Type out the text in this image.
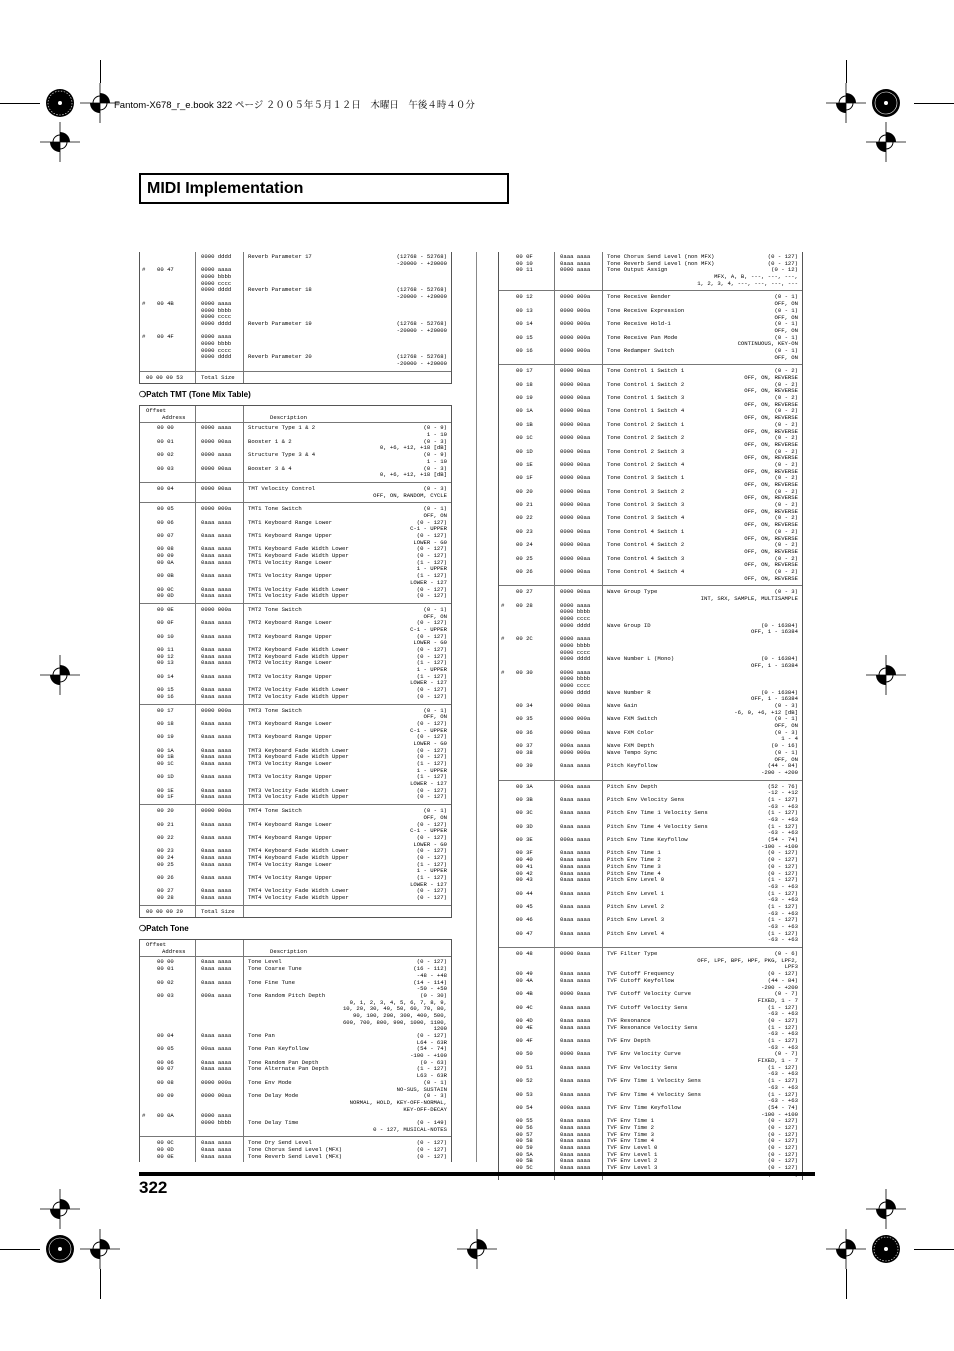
Fantom-X678_r_e.book 322 ページ ２００５年５月１２日　木曜日　午後４時４０分
MIDI Implementation
0000 dddd	Reverb Parameter 17	(12768 - 52768)
-20000 - +20000
# 00 47	0000 aaaa
0000 bbbb
0000 cccc
0000 dddd	Reverb Parameter 18	(12768 - 52768)
-20000 - +20000
# 00 4B	0000 aaaa
0000 bbbb
0000 cccc
0000 dddd	Reverb Parameter 19	(12768 - 52768)
-20000 - +20000
# 00 4F	0000 aaaa
0000 bbbb
0000 cccc
0000 dddd	Reverb Parameter 20	(12768 - 52768)
-20000 - +20000
00 00 00 53	Total Size
❍Patch TMT (Tone Mix Table)
Offset
Address	Description
00 00	0000 aaaa	Structure Type 1 & 2	(0 - 9)
1 - 10
00 01	0000 00aa	Booster 1 & 2	(0 - 3)
0, +6, +12, +18 [dB]
00 02	0000 aaaa	Structure Type 3 & 4	(0 - 9)
1 - 10
00 03	0000 00aa	Booster 3 & 4	(0 - 3)
0, +6, +12, +18 [dB]
00 04	0000 00aa	TMT Velocity Control	(0 - 3)
OFF, ON, RANDOM, CYCLE
00 05	0000 000a	TMT1 Tone Switch	(0 - 1)
OFF, ON
00 06	0aaa aaaa	TMT1 Keyboard Range Lower	(0 - 127)
C-1 - UPPER
00 07	0aaa aaaa	TMT1 Keyboard Range Upper	(0 - 127)
LOWER - G9
00 08	0aaa aaaa	TMT1 Keyboard Fade Width Lower	(0 - 127)
00 09	0aaa aaaa	TMT1 Keyboard Fade Width Upper	(0 - 127)
00 0A	0aaa aaaa	TMT1 Velocity Range Lower	(1 - 127)
1 - UPPER
00 0B	0aaa aaaa	TMT1 Velocity Range Upper	(1 - 127)
LOWER - 127
00 0C	0aaa aaaa	TMT1 Velocity Fade Width Lower	(0 - 127)
00 0D	0aaa aaaa	TMT1 Velocity Fade Width Upper	(0 - 127)
00 0E	0000 000a	TMT2 Tone Switch	(0 - 1)
OFF, ON
00 0F	0aaa aaaa	TMT2 Keyboard Range Lower	(0 - 127)
C-1 - UPPER
00 10	0aaa aaaa	TMT2 Keyboard Range Upper	(0 - 127)
LOWER - G9
00 11	0aaa aaaa	TMT2 Keyboard Fade Width Lower	(0 - 127)
00 12	0aaa aaaa	TMT2 Keyboard Fade Width Upper	(0 - 127)
00 13	0aaa aaaa	TMT2 Velocity Range Lower	(1 - 127)
1 - UPPER
00 14	0aaa aaaa	TMT2 Velocity Range Upper	(1 - 127)
LOWER - 127
00 15	0aaa aaaa	TMT2 Velocity Fade Width Lower	(0 - 127)
00 16	0aaa aaaa	TMT2 Velocity Fade Width Upper	(0 - 127)
00 17	0000 000a	TMT3 Tone Switch	(0 - 1)
OFF, ON
00 18	0aaa aaaa	TMT3 Keyboard Range Lower	(0 - 127)
C-1 - UPPER
00 19	0aaa aaaa	TMT3 Keyboard Range Upper	(0 - 127)
LOWER - G9
00 1A	0aaa aaaa	TMT3 Keyboard Fade Width Lower	(0 - 127)
00 1B	0aaa aaaa	TMT3 Keyboard Fade Width Upper	(0 - 127)
00 1C	0aaa aaaa	TMT3 Velocity Range Lower	(1 - 127)
1 - UPPER
00 1D	0aaa aaaa	TMT3 Velocity Range Upper	(1 - 127)
LOWER - 127
00 1E	0aaa aaaa	TMT3 Velocity Fade Width Lower	(0 - 127)
00 1F	0aaa aaaa	TMT3 Velocity Fade Width Upper	(0 - 127)
00 20	0000 000a	TMT4 Tone Switch	(0 - 1)
OFF, ON
00 21	0aaa aaaa	TMT4 Keyboard Range Lower	(0 - 127)
C-1 - UPPER
00 22	0aaa aaaa	TMT4 Keyboard Range Upper	(0 - 127)
LOWER - G9
00 23	0aaa aaaa	TMT4 Keyboard Fade Width Lower	(0 - 127)
00 24	0aaa aaaa	TMT4 Keyboard Fade Width Upper	(0 - 127)
00 25	0aaa aaaa	TMT4 Velocity Range Lower	(1 - 127)
1 - UPPER
00 26	0aaa aaaa	TMT4 Velocity Range Upper	(1 - 127)
LOWER - 127
00 27	0aaa aaaa	TMT4 Velocity Fade Width Lower	(0 - 127)
00 28	0aaa aaaa	TMT4 Velocity Fade Width Upper	(0 - 127)
00 00 00 29	Total Size
❍Patch Tone
Offset
Address	Description
00 00	0aaa aaaa	Tone Level	(0 - 127)
00 01	0aaa aaaa	Tone Coarse Tune	(16 - 112)
-48 - +48
00 02	0aaa aaaa	Tone Fine Tune	(14 - 114)
-50 - +50
00 03	000a aaaa	Tone Random Pitch Depth	(0 - 30)
0, 1, 2, 3, 4, 5, 6, 7, 8, 9,
10, 20, 30, 40, 50, 60, 70, 80,
90, 100, 200, 300, 400, 500,
600, 700, 800, 900, 1000, 1100,
1200
00 04	0aaa aaaa	Tone Pan	(0 - 127)
L64 - 63R
00 05	00aa aaaa	Tone Pan Keyfollow	(54 - 74)
-100 - +100
00 06	0aaa aaaa	Tone Random Pan Depth	(0 - 63)
00 07	0aaa aaaa	Tone Alternate Pan Depth	(1 - 127)
L63 - 63R
00 08	0000 000a	Tone Env Mode	(0 - 1)
NO-SUS, SUSTAIN
00 09	0000 00aa	Tone Delay Mode	(0 - 3)
NORMAL, HOLD, KEY-OFF-NORMAL,
KEY-OFF-DECAY
# 00 0A	0000 aaaa
0000 bbbb	Tone Delay Time	(0 - 149)
0 - 127, MUSICAL-NOTES
00 0C	0aaa aaaa	Tone Dry Send Level	(0 - 127)
00 0D	0aaa aaaa	Tone Chorus Send Level (MFX)	(0 - 127)
00 0E	0aaa aaaa	Tone Reverb Send Level (MFX)	(0 - 127)
00 0F	0aaa aaaa	Tone Chorus Send Level (non MFX)	(0 - 127)
00 10	0aaa aaaa	Tone Reverb Send Level (non MFX)	(0 - 127)
00 11	0000 aaaa	Tone Output Assign	(0 - 12)
MFX, A, B, ---, ---, ---,
1, 2, 3, 4, ---, ---, ---, ---
00 12	0000 000a	Tone Receive Bender	(0 - 1)
OFF, ON
00 13	0000 000a	Tone Receive Expression	(0 - 1)
OFF, ON
00 14	0000 000a	Tone Receive Hold-1	(0 - 1)
OFF, ON
00 15	0000 000a	Tone Receive Pan Mode	(0 - 1)
CONTINUOUS, KEY-ON
00 16	0000 000a	Tone Redamper Switch	(0 - 1)
OFF, ON
00 17	0000 00aa	Tone Control 1 Switch 1	(0 - 2)
OFF, ON, REVERSE
00 18	0000 00aa	Tone Control 1 Switch 2	(0 - 2)
OFF, ON, REVERSE
00 19	0000 00aa	Tone Control 1 Switch 3	(0 - 2)
OFF, ON, REVERSE
00 1A	0000 00aa	Tone Control 1 Switch 4	(0 - 2)
OFF, ON, REVERSE
00 1B	0000 00aa	Tone Control 2 Switch 1	(0 - 2)
OFF, ON, REVERSE
00 1C	0000 00aa	Tone Control 2 Switch 2	(0 - 2)
OFF, ON, REVERSE
00 1D	0000 00aa	Tone Control 2 Switch 3	(0 - 2)
OFF, ON, REVERSE
00 1E	0000 00aa	Tone Control 2 Switch 4	(0 - 2)
OFF, ON, REVERSE
00 1F	0000 00aa	Tone Control 3 Switch 1	(0 - 2)
OFF, ON, REVERSE
00 20	0000 00aa	Tone Control 3 Switch 2	(0 - 2)
OFF, ON, REVERSE
00 21	0000 00aa	Tone Control 3 Switch 3	(0 - 2)
OFF, ON, REVERSE
00 22	0000 00aa	Tone Control 3 Switch 4	(0 - 2)
OFF, ON, REVERSE
00 23	0000 00aa	Tone Control 4 Switch 1	(0 - 2)
OFF, ON, REVERSE
00 24	0000 00aa	Tone Control 4 Switch 2	(0 - 2)
OFF, ON, REVERSE
00 25	0000 00aa	Tone Control 4 Switch 3	(0 - 2)
OFF, ON, REVERSE
00 26	0000 00aa	Tone Control 4 Switch 4	(0 - 2)
OFF, ON, REVERSE
00 27	0000 00aa	Wave Group Type	(0 - 3)
INT, SRX, SAMPLE, MULTISAMPLE
# 00 28	0000 aaaa
0000 bbbb
0000 cccc
0000 dddd	Wave Group ID	(0 - 16384)
OFF, 1 - 16384
# 00 2C	0000 aaaa
0000 bbbb
0000 cccc
0000 dddd	Wave Number L (Mono)	(0 - 16384)
OFF, 1 - 16384
# 00 30	0000 aaaa
0000 bbbb
0000 cccc
0000 dddd	Wave Number R	(0 - 16384)
OFF, 1 - 16384
00 34	0000 00aa	Wave Gain	(0 - 3)
-6, 0, +6, +12 [dB]
00 35	0000 000a	Wave FXM Switch	(0 - 1)
OFF, ON
00 36	0000 00aa	Wave FXM Color	(0 - 3)
1 - 4
00 37	000a aaaa	Wave FXM Depth	(0 - 16)
00 38	0000 000a	Wave Tempo Sync	(0 - 1)
OFF, ON
00 39	0aaa aaaa	Pitch Keyfollow	(44 - 84)
-200 - +200
00 3A	000a aaaa	Pitch Env Depth	(52 - 76)
-12 - +12
00 3B	0aaa aaaa	Pitch Env Velocity Sens	(1 - 127)
-63 - +63
00 3C	0aaa aaaa	Pitch Env Time 1 Velocity Sens	(1 - 127)
-63 - +63
00 3D	0aaa aaaa	Pitch Env Time 4 Velocity Sens	(1 - 127)
-63 - +63
00 3E	000a aaaa	Pitch Env Time Keyfollow	(54 - 74)
-100 - +100
00 3F	0aaa aaaa	Pitch Env Time 1	(0 - 127)
00 40	0aaa aaaa	Pitch Env Time 2	(0 - 127)
00 41	0aaa aaaa	Pitch Env Time 3	(0 - 127)
00 42	0aaa aaaa	Pitch Env Time 4	(0 - 127)
00 43	0aaa aaaa	Pitch Env Level 0	(1 - 127)
-63 - +63
00 44	0aaa aaaa	Pitch Env Level 1	(1 - 127)
-63 - +63
00 45	0aaa aaaa	Pitch Env Level 2	(1 - 127)
-63 - +63
00 46	0aaa aaaa	Pitch Env Level 3	(1 - 127)
-63 - +63
00 47	0aaa aaaa	Pitch Env Level 4	(1 - 127)
-63 - +63
00 48	0000 0aaa	TVF Filter Type	(0 - 6)
OFF, LPF, BPF, HPF, PKG, LPF2,
LPF3
00 49	0aaa aaaa	TVF Cutoff Frequency	(0 - 127)
00 4A	0aaa aaaa	TVF Cutoff Keyfollow	(44 - 84)
-200 - +200
00 4B	0000 0aaa	TVF Cutoff Velocity Curve	(0 - 7)
FIXED, 1 - 7
00 4C	0aaa aaaa	TVF Cutoff Velocity Sens	(1 - 127)
-63 - +63
00 4D	0aaa aaaa	TVF Resonance	(0 - 127)
00 4E	0aaa aaaa	TVF Resonance Velocity Sens	(1 - 127)
-63 - +63
00 4F	0aaa aaaa	TVF Env Depth	(1 - 127)
-63 - +63
00 50	0000 0aaa	TVF Env Velocity Curve	(0 - 7)
FIXED, 1 - 7
00 51	0aaa aaaa	TVF Env Velocity Sens	(1 - 127)
-63 - +63
00 52	0aaa aaaa	TVF Env Time 1 Velocity Sens	(1 - 127)
-63 - +63
00 53	0aaa aaaa	TVF Env Time 4 Velocity Sens	(1 - 127)
-63 - +63
00 54	000a aaaa	TVF Env Time Keyfollow	(54 - 74)
-100 - +100
00 55	0aaa aaaa	TVF Env Time 1	(0 - 127)
00 56	0aaa aaaa	TVF Env Time 2	(0 - 127)
00 57	0aaa aaaa	TVF Env Time 3	(0 - 127)
00 58	0aaa aaaa	TVF Env Time 4	(0 - 127)
00 59	0aaa aaaa	TVF Env Level 0	(0 - 127)
00 5A	0aaa aaaa	TVF Env Level 1	(0 - 127)
00 5B	0aaa aaaa	TVF Env Level 2	(0 - 127)
00 5C	0aaa aaaa	TVF Env Level 3	(0 - 127)
322
